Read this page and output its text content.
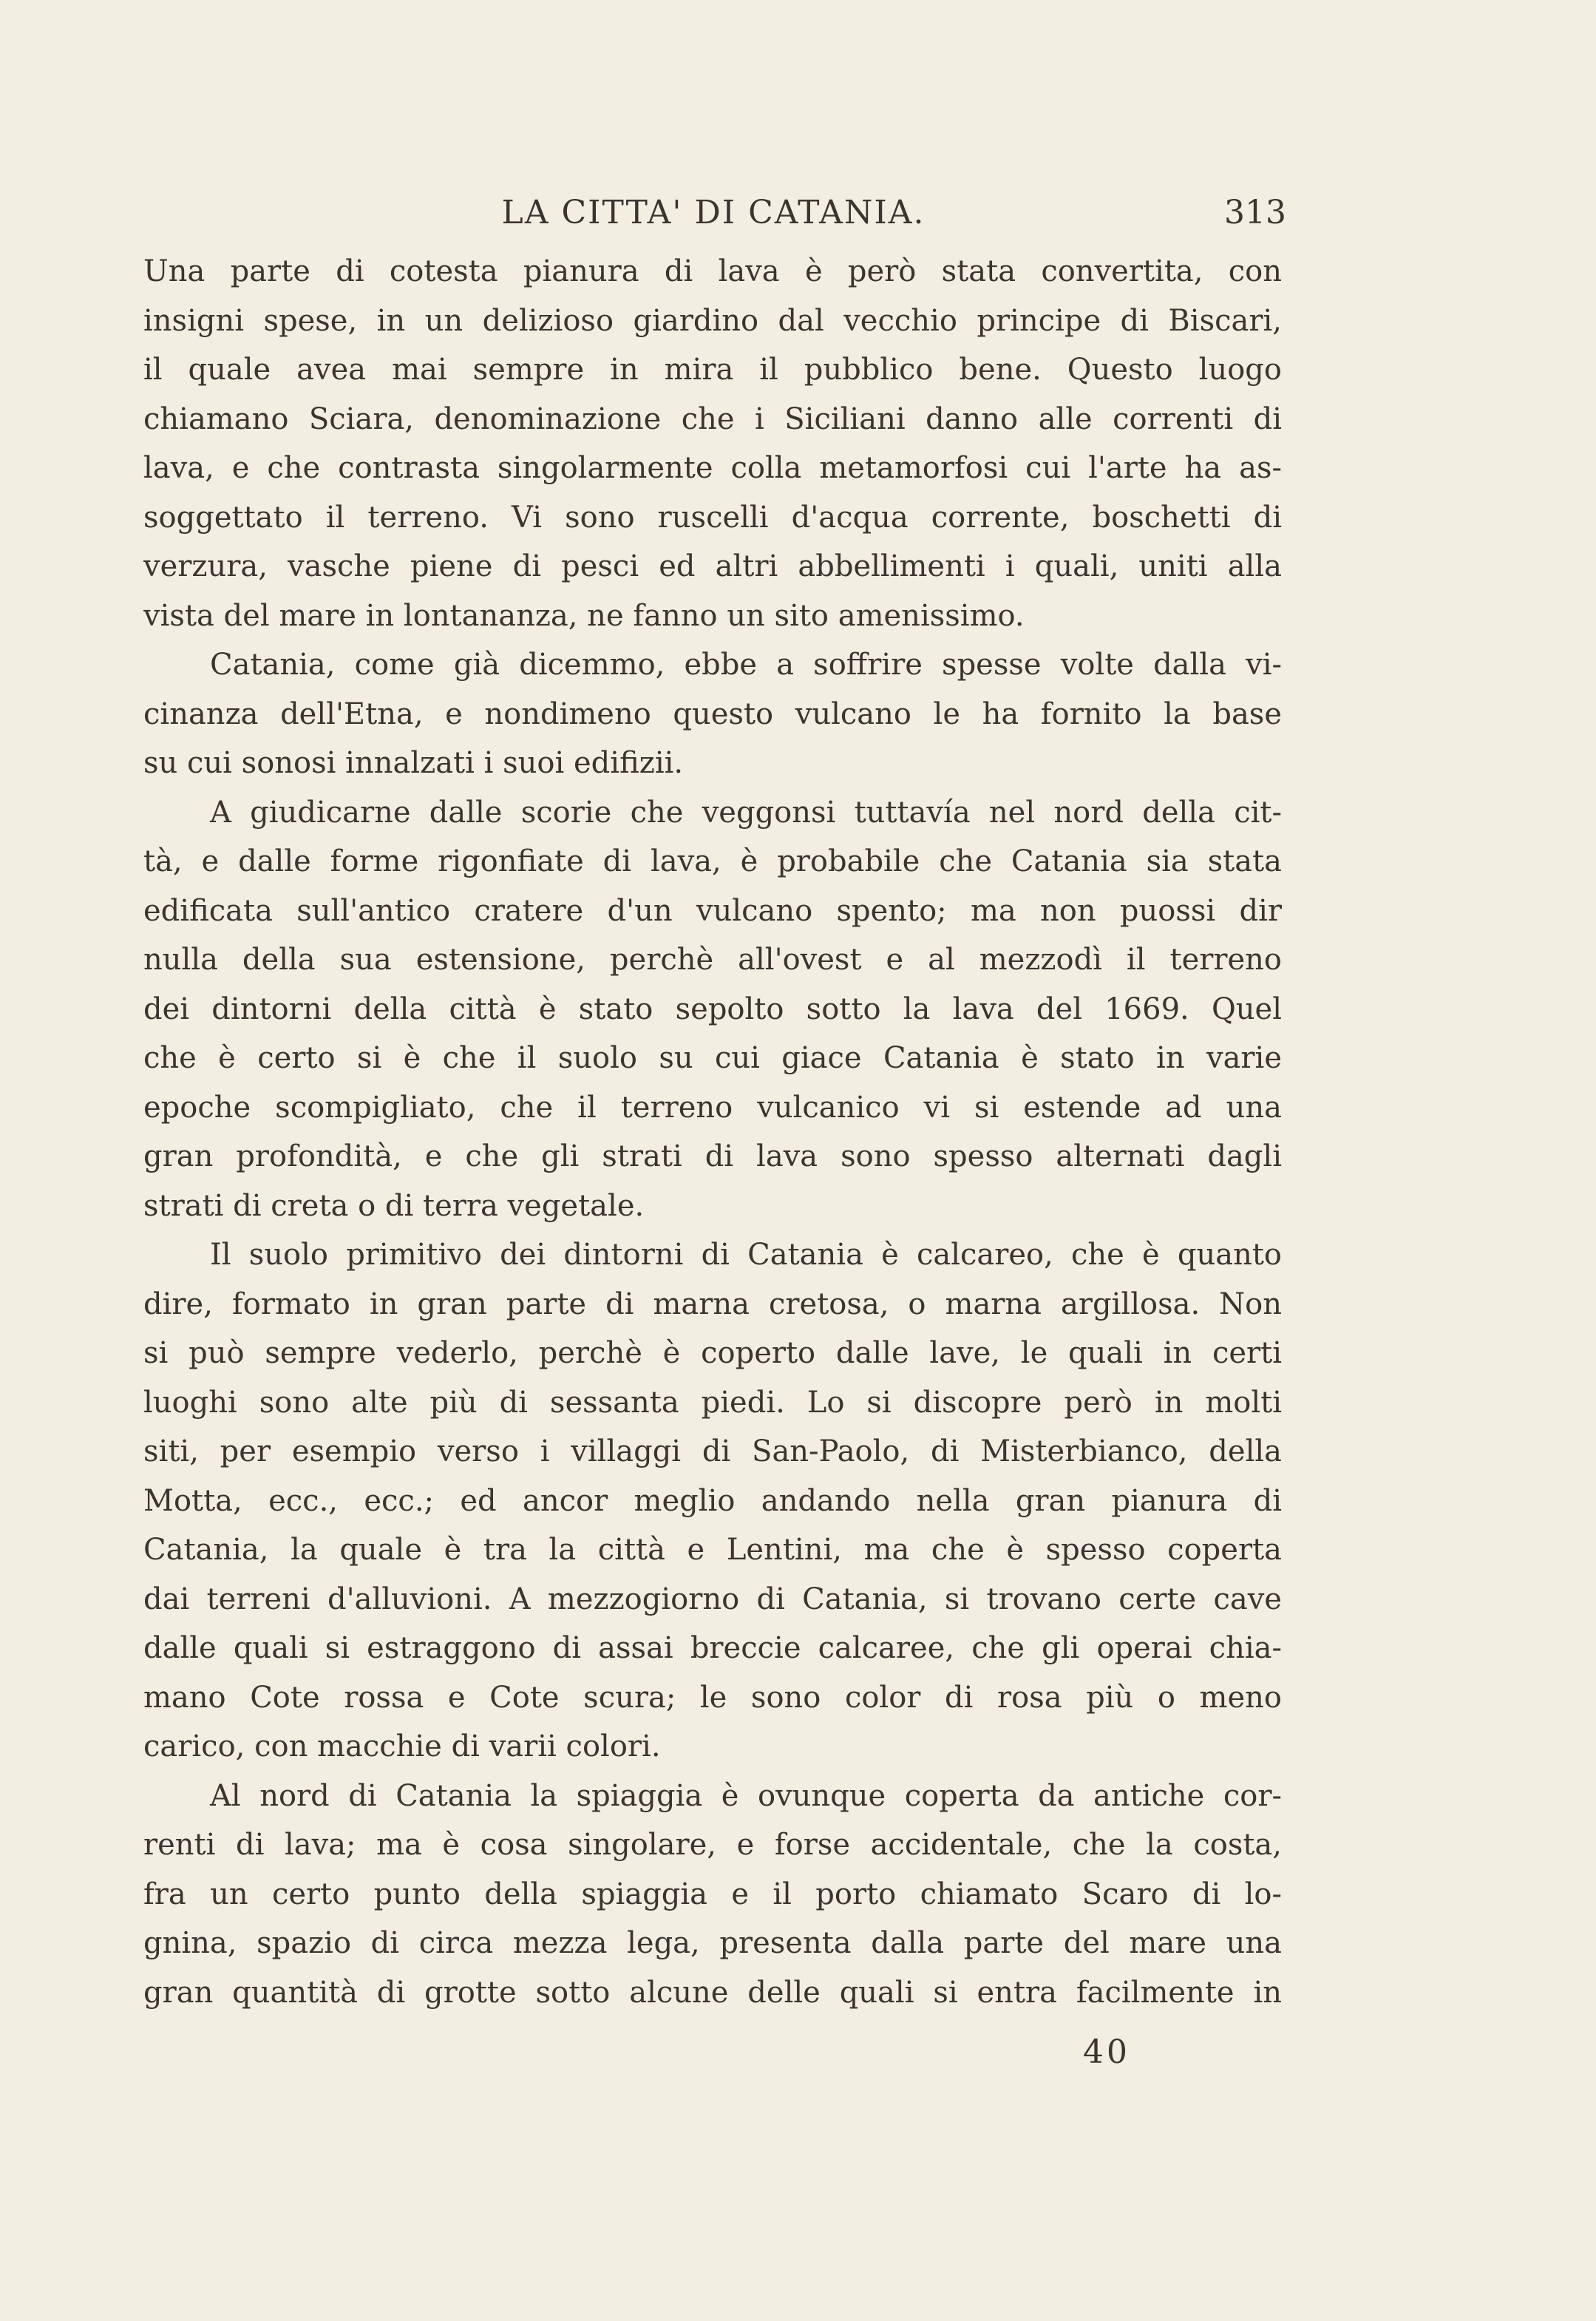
LA CITTA' DI CATANIA.	313
Una parte di cotesta pianura di lava è però stata convertita, con
insigni spese, in un delizioso giardino dal vecchio principe di Biscari,
il quale avea mai sempre in mira il pubblico bene. Questo luogo
chiamano Sciara, denominazione che i Siciliani danno alle correnti di
lava, e che contrasta singolarmente colla metamorfosi cui l'arte ha as-
soggettato il terreno. Vi sono ruscelli d'acqua corrente, boschetti di
verzura, vasche piene di pesci ed altri abbellimenti i quali, uniti alla
vista del mare in lontananza, ne fanno un sito amenissimo.
Catania, come già dicemmo, ebbe a soffrire spesse volte dalla vi-
cinanza dell'Etna, e nondimeno questo vulcano le ha fornito la base
su cui sonosi innalzati i suoi edifizii.
A giudicarne dalle scorie che veggonsi tuttavía nel nord della cit-
tà, e dalle forme rigonfiate di lava, è probabile che Catania sia stata
edificata sull'antico cratere d'un vulcano spento; ma non puossi dir
nulla della sua estensione, perchè all'ovest e al mezzodì il terreno
dei dintorni della città è stato sepolto sotto la lava del 1669. Quel
che è certo si è che il suolo su cui giace Catania è stato in varie
epoche scompigliato, che il terreno vulcanico vi si estende ad una
gran profondità, e che gli strati di lava sono spesso alternati dagli
strati di creta o di terra vegetale.
Il suolo primitivo dei dintorni di Catania è calcareo, che è quanto
dire, formato in gran parte di marna cretosa, o marna argillosa. Non
si può sempre vederlo, perchè è coperto dalle lave, le quali in certi
luoghi sono alte più di sessanta piedi. Lo si discopre però in molti
siti, per esempio verso i villaggi di San-Paolo, di Misterbianco, della
Motta, ecc., ecc.; ed ancor meglio andando nella gran pianura di
Catania, la quale è tra la città e Lentini, ma che è spesso coperta
dai terreni d'alluvioni. A mezzogiorno di Catania, si trovano certe cave
dalle quali si estraggono di assai breccie calcaree, che gli operai chia-
mano Cote rossa e Cote scura; le sono color di rosa più o meno
carico, con macchie di varii colori.
Al nord di Catania la spiaggia è ovunque coperta da antiche cor-
renti di lava; ma è cosa singolare, e forse accidentale, che la costa,
fra un certo punto della spiaggia e il porto chiamato Scaro di lo-
gnina, spazio di circa mezza lega, presenta dalla parte del mare una
gran quantità di grotte sotto alcune delle quali si entra facilmente in
40
